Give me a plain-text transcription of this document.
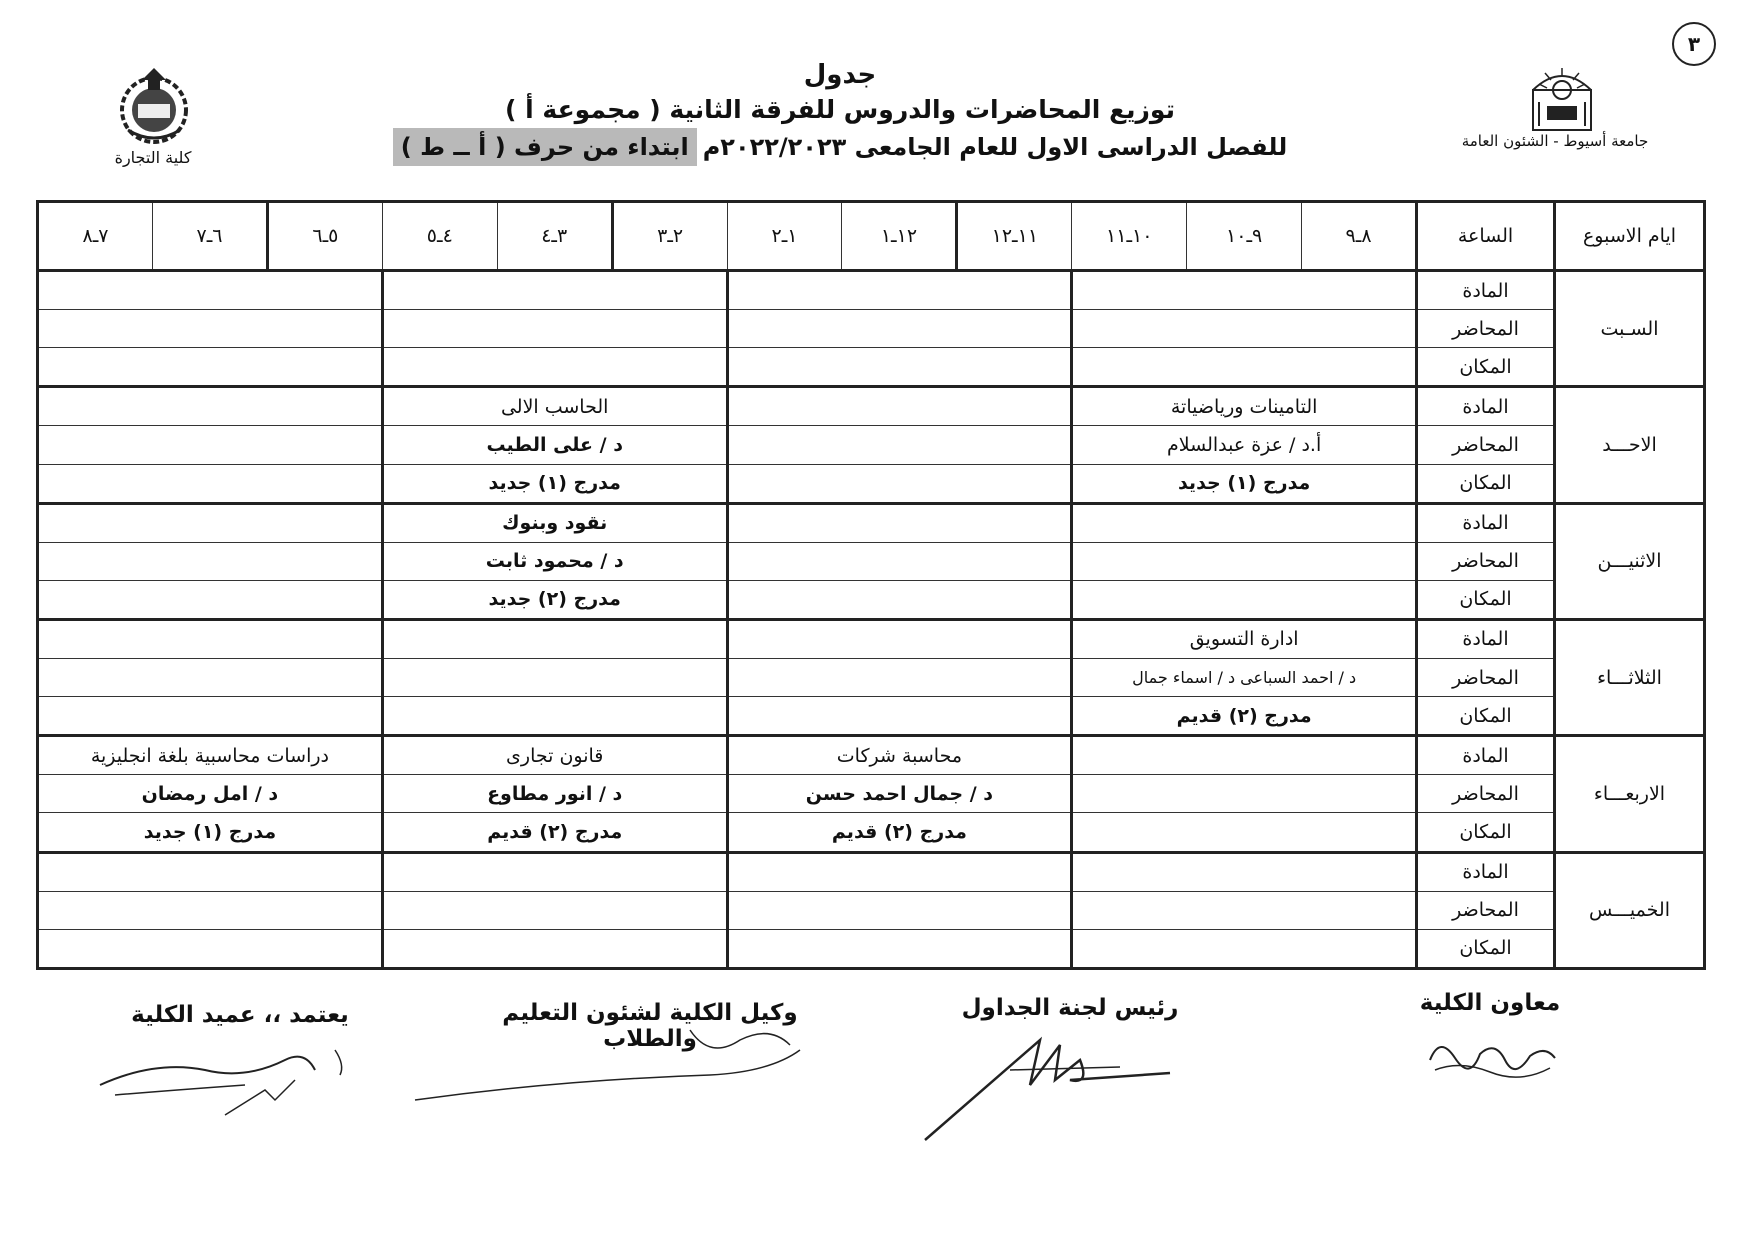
٣
جامعة أسيوط - الشئون العامة
كلية التجارة

جدول

توزيع المحاضرات والدروس للفرقة الثانية ( مجموعة أ )

للفصل الدراسى الاول للعام الجامعى ٢٠٢٢/٢٠٢٣م
ابتداء من حرف ( أ ــ ط )
ايام الاسبوع	الساعة	٨ـ٩	٩ـ١٠	١٠ـ١١	١١ـ١٢	١٢ـ١	١ـ٢	٢ـ٣	٣ـ٤	٤ـ٥	٥ـ٦	٦ـ٧	٧ـ٨
السـبت	المادة												
	المحاضر												
	المكان												
الاحـــد	المادة	التامينات ورياضياتة						الحاسب الالى					
	المحاضر	أ.د / عزة عبدالسلام						د / على الطيب					
	المكان	مدرج (١) جديد						مدرج (١) جديد					
الاثنيـــن	المادة							نقود وبنوك					
	المحاضر							د / محمود ثابت					
	المكان							مدرج (٢) جديد					
الثلاثـــاء	المادة	ادارة التسويق											
	المحاضر	د / احمد السباعى د / اسماء جمال											
	المكان	مدرج (٢) قديم											
الاربعـــاء	المادة				محاسبة شركات			قانون تجارى			دراسات محاسبية بلغة انجليزية		
	المحاضر				د / جمال احمد حسن			د / انور مطاوع			د / امل رمضان		
	المكان				مدرج (٢) قديم			مدرج (٢) قديم			مدرج (١) جديد		
الخميـــس	المادة												
	المحاضر												
	المكان												
معاون الكلية
رئيس لجنة الجداول
وكيل الكلية لشئون التعليم والطلاب
يعتمد ،، عميد الكلية
